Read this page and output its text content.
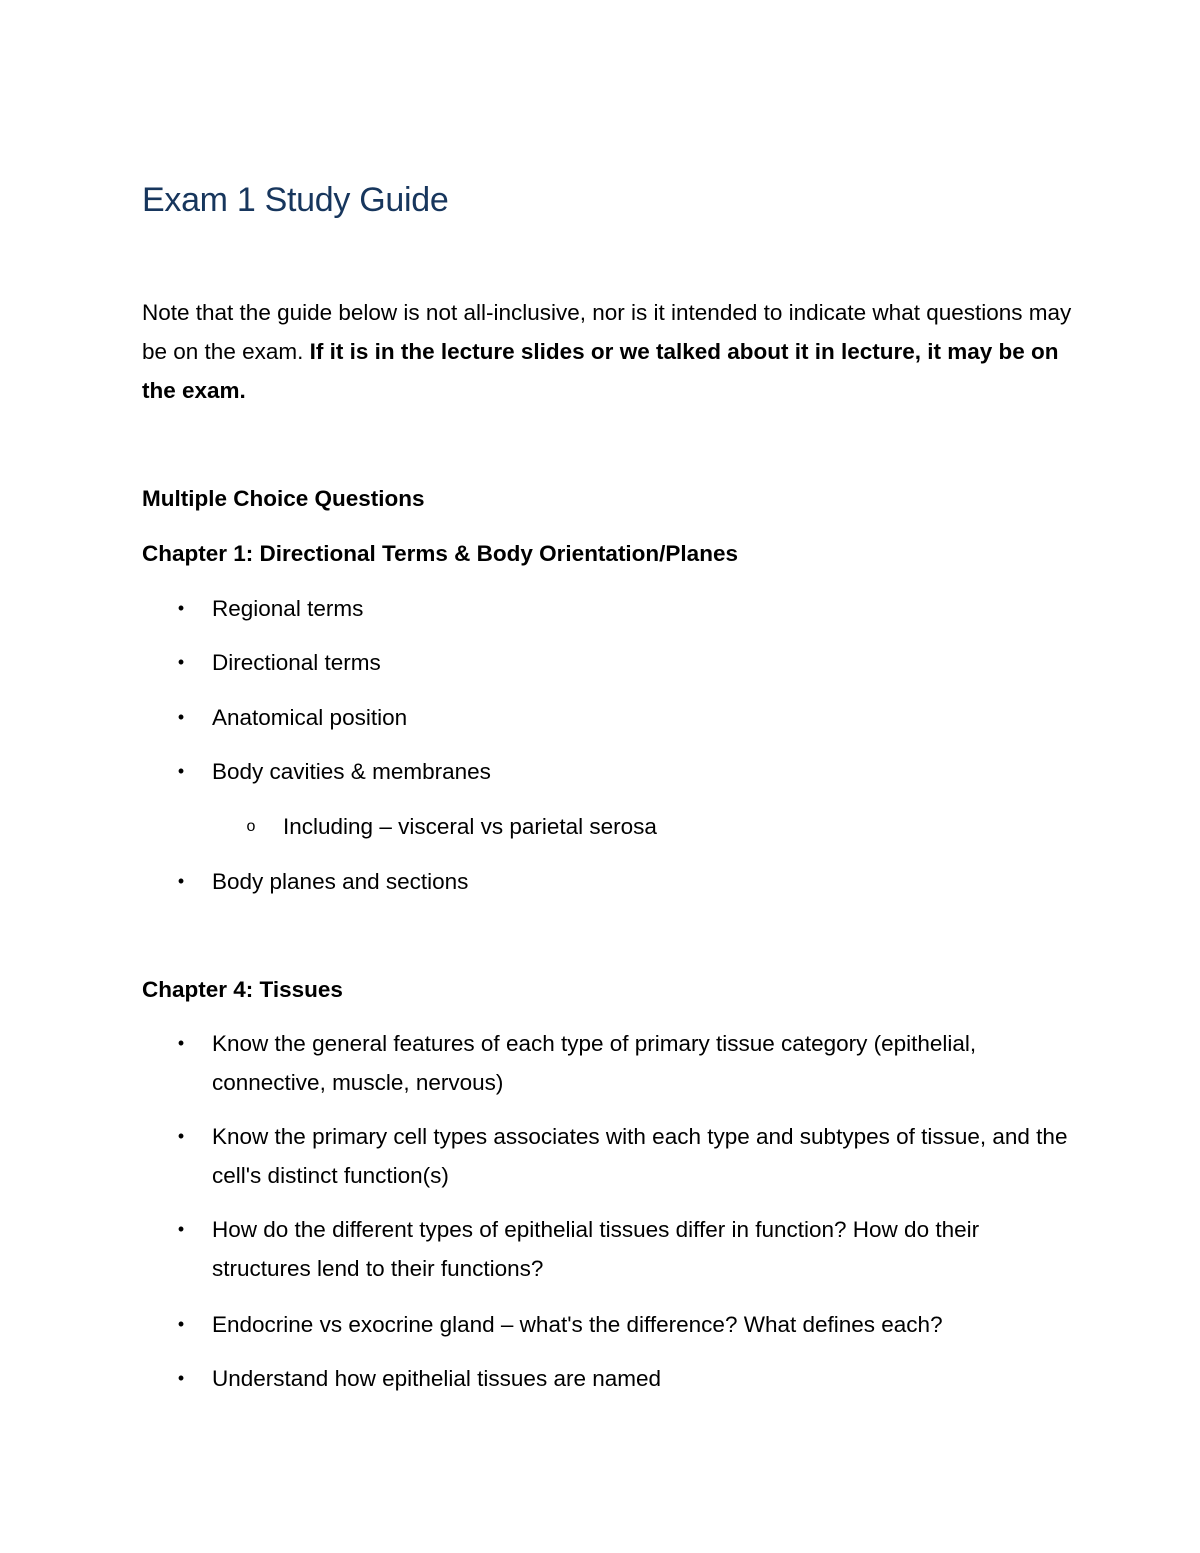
Exam 1 Study Guide

Note that the guide below is not all-inclusive, nor is it intended to indicate what questions may be on the exam. If it is in the lecture slides or we talked about it in lecture, it may be on the exam.

Multiple Choice Questions

Chapter 1: Directional Terms & Body Orientation/Planes

• Regional terms
• Directional terms
• Anatomical position
• Body cavities & membranes
o Including – visceral vs parietal serosa
• Body planes and sections

Chapter 4: Tissues

• Know the general features of each type of primary tissue category (epithelial, connective, muscle, nervous)
• Know the primary cell types associates with each type and subtypes of tissue, and the cell's distinct function(s)
• How do the different types of epithelial tissues differ in function? How do their structures lend to their functions?
• Endocrine vs exocrine gland – what's the difference? What defines each?
• Understand how epithelial tissues are named
